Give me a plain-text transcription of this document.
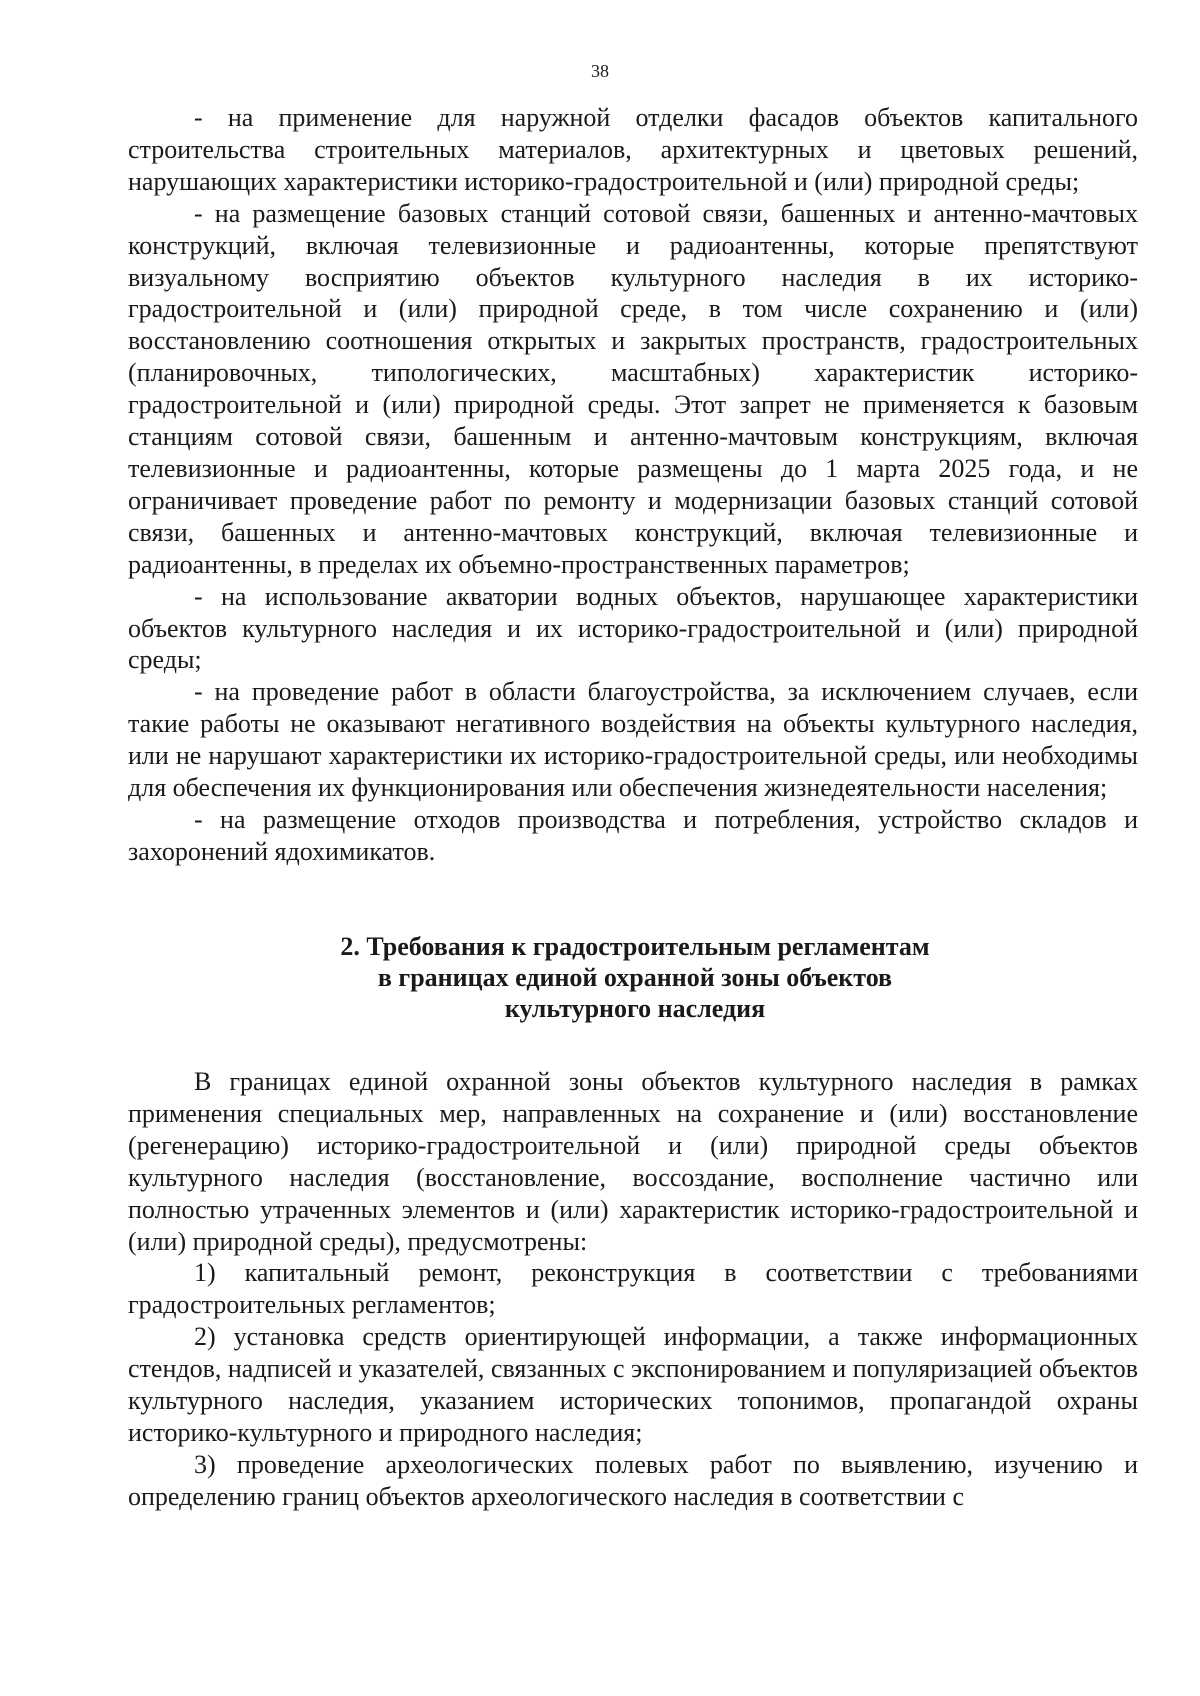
38

- на применение для наружной отделки фасадов объектов капитального строительства строительных материалов, архитектурных и цветовых решений, нарушающих характеристики историко-градостроительной и (или) природной среды;

- на размещение базовых станций сотовой связи, башенных и антенно-мачтовых конструкций, включая телевизионные и радиоантенны, которые препятствуют визуальному восприятию объектов культурного наследия в их историко-градостроительной и (или) природной среде, в том числе сохранению и (или) восстановлению соотношения открытых и закрытых пространств, градостроительных (планировочных, типологических, масштабных) характеристик историко-градостроительной и (или) природной среды. Этот запрет не применяется к базовым станциям сотовой связи, башенным и антенно-мачтовым конструкциям, включая телевизионные и радиоантенны, которые размещены до 1 марта 2025 года, и не ограничивает проведение работ по ремонту и модернизации базовых станций сотовой связи, башенных и антенно-мачтовых конструкций, включая телевизионные и радиоантенны, в пределах их объемно-пространственных параметров;

- на использование акватории водных объектов, нарушающее характеристики объектов культурного наследия и их историко-градостроительной и (или) природной среды;

- на проведение работ в области благоустройства, за исключением случаев, если такие работы не оказывают негативного воздействия на объекты культурного наследия, или не нарушают характеристики их историко-градостроительной среды, или необходимы для обеспечения их функционирования или обеспечения жизнедеятельности населения;

- на размещение отходов производства и потребления, устройство складов и захоронений ядохимикатов.

2. Требования к градостроительным регламентам
в границах единой охранной зоны объектов
культурного наследия

В границах единой охранной зоны объектов культурного наследия в рамках применения специальных мер, направленных на сохранение и (или) восстановление (регенерацию) историко-градостроительной и (или) природной среды объектов культурного наследия (восстановление, воссоздание, восполнение частично или полностью утраченных элементов и (или) характеристик историко-градостроительной и (или) природной среды), предусмотрены:

1) капитальный ремонт, реконструкция в соответствии с требованиями градостроительных регламентов;

2) установка средств ориентирующей информации, а также информационных стендов, надписей и указателей, связанных с экспонированием и популяризацией объектов культурного наследия, указанием исторических топонимов, пропагандой охраны историко-культурного и природного наследия;

3) проведение археологических полевых работ по выявлению, изучению и определению границ объектов археологического наследия в соответствии с
